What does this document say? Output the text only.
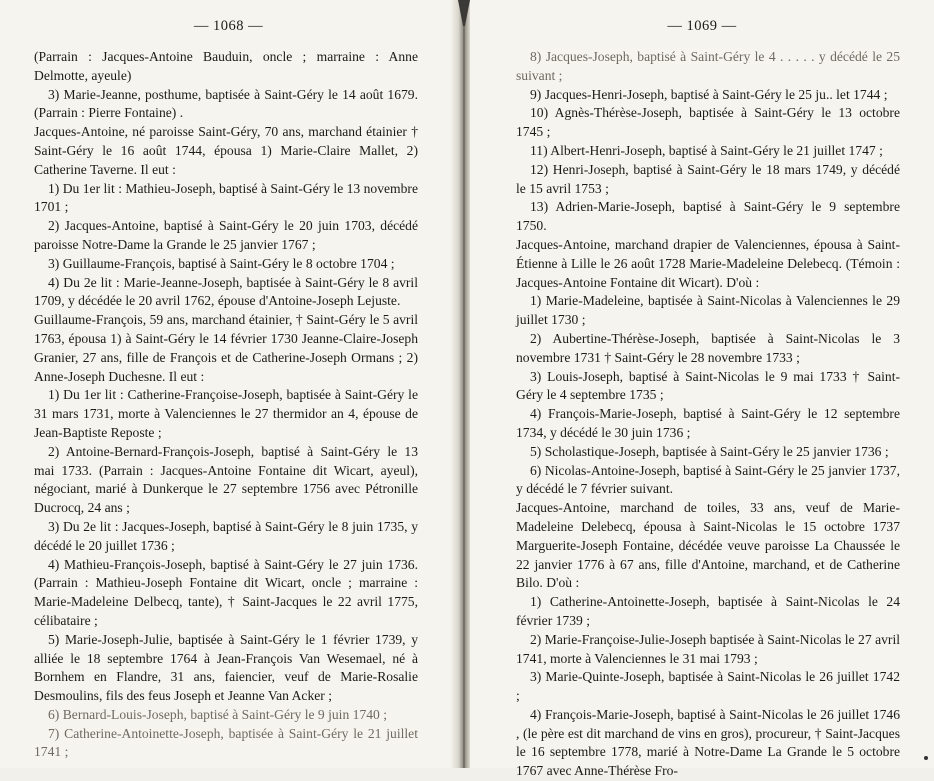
— 1068 —

(Parrain : Jacques-Antoine Bauduin, oncle ; marraine : Anne Delmotte, ayeule)

3) Marie-Jeanne, posthume, baptisée à Saint-Géry le 14 août 1679. (Parrain : Pierre Fontaine) .

Jacques-Antoine, né paroisse Saint-Géry, 70 ans, marchand étainier † Saint-Géry le 16 août 1744, épousa 1) Marie-Claire Mallet, 2) Catherine Taverne. Il eut :

1) Du 1er lit : Mathieu-Joseph, baptisé à Saint-Géry le 13 novembre 1701 ;

2) Jacques-Antoine, baptisé à Saint-Géry le 20 juin 1703, décédé paroisse Notre-Dame la Grande le 25 janvier 1767 ;

3) Guillaume-François, baptisé à Saint-Géry le 8 octobre 1704 ;

4) Du 2e lit : Marie-Jeanne-Joseph, baptisée à Saint-Géry le 8 avril 1709, y décédée le 20 avril 1762, épouse d'Antoine-Joseph Lejuste.

Guillaume-François, 59 ans, marchand étainier, † Saint-Géry le 5 avril 1763, épousa 1) à Saint-Géry le 14 février 1730 Jeanne-Claire-Joseph Granier, 27 ans, fille de François et de Catherine-Joseph Ormans ; 2) Anne-Joseph Duchesne. Il eut :

1) Du 1er lit : Catherine-Françoise-Joseph, baptisée à Saint-Géry le 31 mars 1731, morte à Valenciennes le 27 thermidor an 4, épouse de Jean-Baptiste Reposte ;

2) Antoine-Bernard-François-Joseph, baptisé à Saint-Géry le 13 mai 1733. (Parrain : Jacques-Antoine Fontaine dit Wicart, ayeul), négociant, marié à Dunkerque le 27 septembre 1756 avec Pétronille Ducrocq, 24 ans ;

3) Du 2e lit : Jacques-Joseph, baptisé à Saint-Géry le 8 juin 1735, y décédé le 20 juillet 1736 ;

4) Mathieu-François-Joseph, baptisé à Saint-Géry le 27 juin 1736. (Parrain : Mathieu-Joseph Fontaine dit Wicart, oncle ; marraine : Marie-Madeleine Delbecq, tante), † Saint-Jacques le 22 avril 1775, célibataire ;

5) Marie-Joseph-Julie, baptisée à Saint-Géry le 1 février 1739, y alliée le 18 septembre 1764 à Jean-François Van Wesemael, né à Bornhem en Flandre, 31 ans, faiencier, veuf de Marie-Rosalie Desmoulins, fils des feus Joseph et Jeanne Van Acker ;

6) Bernard-Louis-Joseph, baptisé à Saint-Géry le 9 juin 1740 ;

7) Catherine-Antoinette-Joseph, baptisée à Saint-Géry le 21 juillet 1741 ;

— 1069 —

8) Jacques-Joseph, baptisé à Saint-Géry le 4 . . . . . y décédé le 25 suivant ;

9) Jacques-Henri-Joseph, baptisé à Saint-Géry le 25 ju.. let 1744 ;

10) Agnès-Thérèse-Joseph, baptisée à Saint-Géry le 13 octobre 1745 ;

11) Albert-Henri-Joseph, baptisé à Saint-Géry le 21 juillet 1747 ;

12) Henri-Joseph, baptisé à Saint-Géry le 18 mars 1749, y décédé le 15 avril 1753 ;

13) Adrien-Marie-Joseph, baptisé à Saint-Géry le 9 septembre 1750.

Jacques-Antoine, marchand drapier de Valenciennes, épousa à Saint-Étienne à Lille le 26 août 1728 Marie-Madeleine Delebecq. (Témoin : Jacques-Antoine Fontaine dit Wicart). D'où :

1) Marie-Madeleine, baptisée à Saint-Nicolas à Valenciennes le 29 juillet 1730 ;

2) Aubertine-Thérèse-Joseph, baptisée à Saint-Nicolas le 3 novembre 1731 † Saint-Géry le 28 novembre 1733 ;

3) Louis-Joseph, baptisé à Saint-Nicolas le 9 mai 1733 † Saint-Géry le 4 septembre 1735 ;

4) François-Marie-Joseph, baptisé à Saint-Géry le 12 septembre 1734, y décédé le 30 juin 1736 ;

5) Scholastique-Joseph, baptisée à Saint-Géry le 25 janvier 1736 ;

6) Nicolas-Antoine-Joseph, baptisé à Saint-Géry le 25 janvier 1737, y décédé le 7 février suivant.

Jacques-Antoine, marchand de toiles, 33 ans, veuf de Marie-Madeleine Delebecq, épousa à Saint-Nicolas le 15 octobre 1737 Marguerite-Joseph Fontaine, décédée veuve paroisse La Chaussée le 22 janvier 1776 à 67 ans, fille d'Antoine, marchand, et de Catherine Bilo. D'où :

1) Catherine-Antoinette-Joseph, baptisée à Saint-Nicolas le 24 février 1739 ;

2) Marie-Françoise-Julie-Joseph baptisée à Saint-Nicolas le 27 avril 1741, morte à Valenciennes le 31 mai 1793 ;

3) Marie-Quinte-Joseph, baptisée à Saint-Nicolas le 26 juillet 1742 ;

4) François-Marie-Joseph, baptisé à Saint-Nicolas le 26 juillet 1746 , (le père est dit marchand de vins en gros), procureur, † Saint-Jacques le 16 septembre 1778, marié à Notre-Dame La Grande le 5 octobre 1767 avec Anne-Thérèse Fro-
